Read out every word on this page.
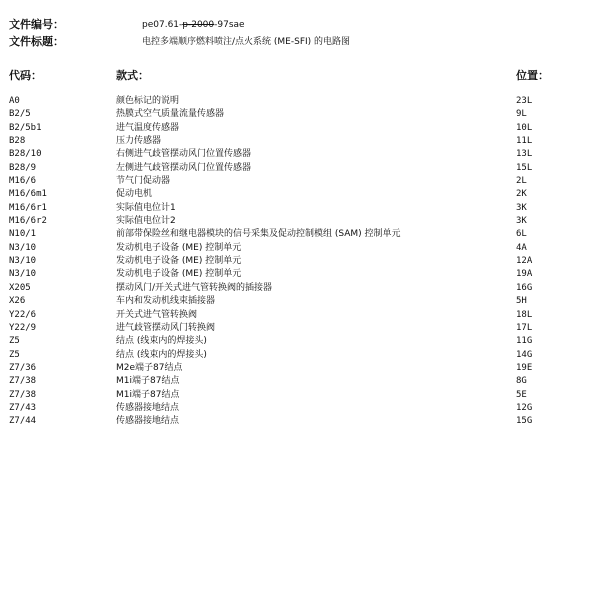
文件编号：	pe07.61-p-2000-97sae
文件标题：	电控多端顺序燃料喷注/点火系统 (ME-SFI) 的电路图
代码：	款式：	位置：
A0	颜色标记的说明	23L
B2/5	热膜式空气质量流量传感器	9L
B2/5b1	进气温度传感器	10L
B28	压力传感器	11L
B28/10	右侧进气歧管摆动风门位置传感器	13L
B28/9	左侧进气歧管摆动风门位置传感器	15L
M16/6	节气门促动器	2L
M16/6m1	促动电机	2K
M16/6r1	实际值电位计1	3K
M16/6r2	实际值电位计2	3K
N10/1	前部带保险丝和继电器模块的信号采集及促动控制模组 (SAM) 控制单元	6L
N3/10	发动机电子设备 (ME) 控制单元	4A
N3/10	发动机电子设备 (ME) 控制单元	12A
N3/10	发动机电子设备 (ME) 控制单元	19A
X205	摆动风门/开关式进气管转换阀的插接器	16G
X26	车内和发动机线束插接器	5H
Y22/6	开关式进气管转换阀	18L
Y22/9	进气歧管摆动风门转换阀	17L
Z5	结点 (线束内的焊接头)	11G
Z5	结点 (线束内的焊接头)	14G
Z7/36	M2e端子87结点	19E
Z7/38	M1i端子87结点	8G
Z7/38	M1i端子87结点	5E
Z7/43	传感器接地结点	12G
Z7/44	传感器接地结点	15G
